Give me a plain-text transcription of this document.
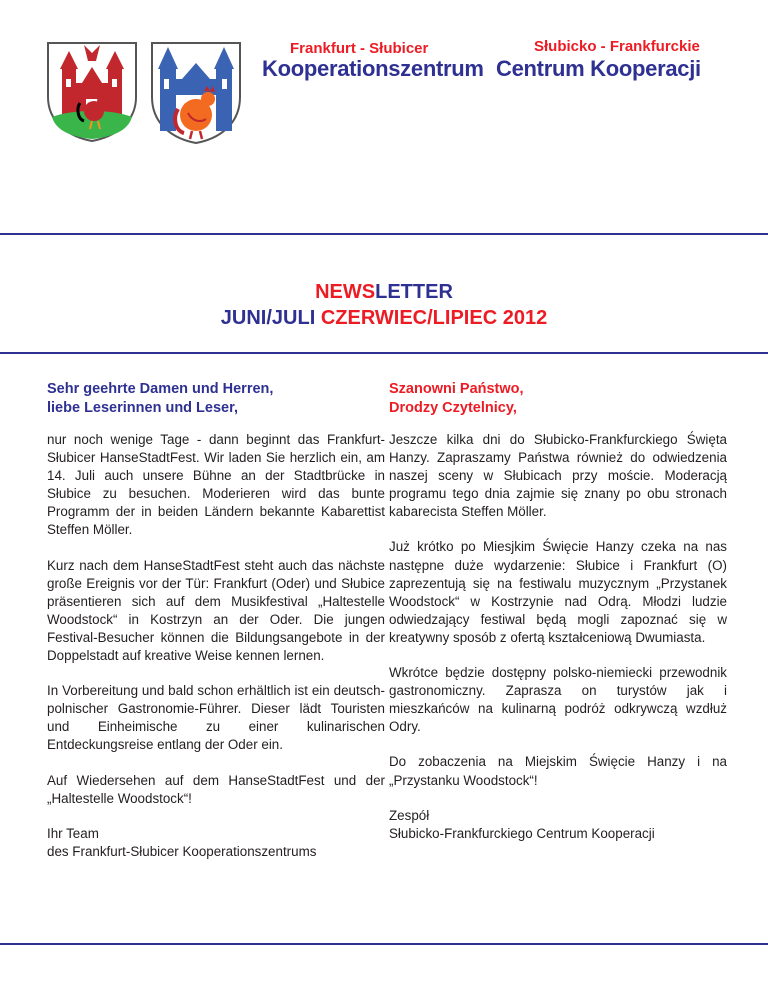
Frankfurt - Słubicer	Słubicko - Frankfurckie
Kooperationszentrum Centrum Kooperacji
NEWSLETTER
JUNI/JULI CZERWIEC/LIPIEC 2012

Sehr geehrte Damen und Herren,

liebe Leserinnen und Leser,

nur noch wenige Tage - dann beginnt das Frankfurt-Słubicer HanseStadtFest. Wir laden Sie herzlich ein, am 14. Juli auch unsere Bühne an der Stadtbrücke in Słubice zu besuchen. Moderieren wird das bunte Programm der in beiden Ländern bekannte Kabarettist Steffen Möller.

Kurz nach dem HanseStadtFest steht auch das nächste große Ereignis vor der Tür: Frankfurt (Oder) und Słubice präsentieren sich auf dem Musikfestival „Haltestelle Woodstock“ in Kostrzyn an der Oder. Die jungen Festival-Besucher können die Bildungsangebote in der Doppelstadt auf kreative Weise kennen lernen.

In Vorbereitung und bald schon erhältlich ist ein deutsch-polnischer Gastronomie-Führer. Dieser lädt Touristen und Einheimische zu einer kulinarischen Entdeckungsreise entlang der Oder ein.

Auf Wiedersehen auf dem HanseStadtFest und der „Haltestelle Woodstock“!

Ihr Team

des Frankfurt-Słubicer Kooperationszentrums

Szanowni Państwo,

Drodzy Czytelnicy,

Jeszcze kilka dni do Słubicko-Frankfurckiego Święta Hanzy. Zapraszamy Państwa również do odwiedzenia naszej sceny w Słubicach przy moście. Moderacją programu tego dnia zajmie się znany po obu stronach kabarecista Steffen Möller.

Już krótko po Miesjkim Święcie Hanzy czeka na nas następne duże wydarzenie: Słubice i Frankfurt (O) zaprezentują się na festiwalu muzycznym „Przystanek Woodstock“ w Kostrzynie nad Odrą. Młodzi ludzie odwiedzający festiwal będą mogli zapoznać się w kreatywny sposób z ofertą kształceniową Dwumiasta.

Wkrótce będzie dostępny polsko-niemiecki przewodnik gastronomiczny. Zaprasza on turystów jak i mieszkańców na kulinarną podróż odkrywczą wzdłuż Odry.

Do zobaczenia na Miejskim Święcie Hanzy i na „Przystanku Woodstock“!

Zespół

Słubicko-Frankfurckiego Centrum Kooperacji
